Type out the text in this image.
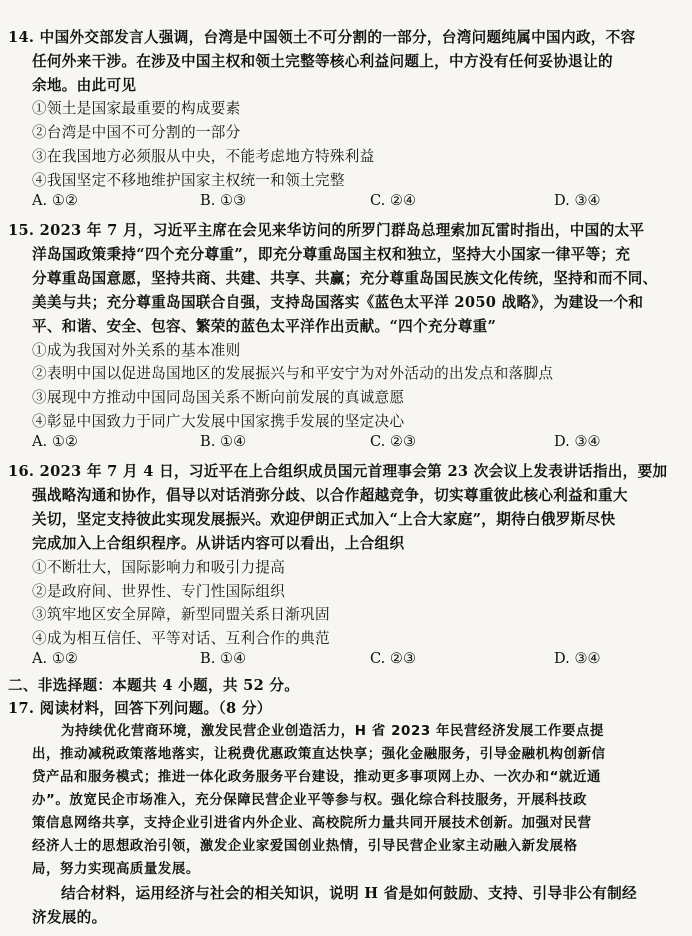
14. 中国外交部发言人强调，台湾是中国领土不可分割的一部分，台湾问题纯属中国内政，不容
任何外来干涉。在涉及中国主权和领土完整等核心利益问题上，中方没有任何妥协退让的
余地。由此可见
①领土是国家最重要的构成要素
②台湾是中国不可分割的一部分
③在我国地方必须服从中央，不能考虑地方特殊利益
④我国坚定不移地维护国家主权统一和领土完整
A. ①②	B. ①③	C. ②④	D. ③④
15. 2023 年 7 月，习近平主席在会见来华访问的所罗门群岛总理索加瓦雷时指出，中国的太平
洋岛国政策秉持“四个充分尊重”，即充分尊重岛国主权和独立，坚持大小国家一律平等；充
分尊重岛国意愿，坚持共商、共建、共享、共赢；充分尊重岛国民族文化传统，坚持和而不同、
美美与共；充分尊重岛国联合自强，支持岛国落实《蓝色太平洋 2050 战略》，为建设一个和
平、和谐、安全、包容、繁荣的蓝色太平洋作出贡献。“四个充分尊重”
①成为我国对外关系的基本准则
②表明中国以促进岛国地区的发展振兴与和平安宁为对外活动的出发点和落脚点
③展现中方推动中国同岛国关系不断向前发展的真诚意愿
④彰显中国致力于同广大发展中国家携手发展的坚定决心
A. ①②	B. ①④	C. ②③	D. ③④
16. 2023 年 7 月 4 日，习近平在上合组织成员国元首理事会第 23 次会议上发表讲话指出，要加
强战略沟通和协作，倡导以对话消弥分歧、以合作超越竞争，切实尊重彼此核心利益和重大
关切，坚定支持彼此实现发展振兴。欢迎伊朗正式加入“上合大家庭”，期待白俄罗斯尽快
完成加入上合组织程序。从讲话内容可以看出，上合组织
①不断壮大，国际影响力和吸引力提高
②是政府间、世界性、专门性国际组织
③筑牢地区安全屏障，新型同盟关系日渐巩固
④成为相互信任、平等对话、互利合作的典范
A. ①②	B. ①④	C. ②③	D. ③④
二、非选择题：本题共 4 小题，共 52 分。
17. 阅读材料，回答下列问题。（8 分）
为持续优化营商环境，激发民营企业创造活力，H 省 2023 年民营经济发展工作要点提
出，推动减税政策落地落实，让税费优惠政策直达快享；强化金融服务，引导金融机构创新信
贷产品和服务模式；推进一体化政务服务平台建设，推动更多事项网上办、一次办和“就近通
办”。放宽民企市场准入，充分保障民营企业平等参与权。强化综合科技服务，开展科技政
策信息网络共享，支持企业引进省内外企业、高校院所力量共同开展技术创新。加强对民营
经济人士的思想政治引领，激发企业家爱国创业热情，引导民营企业家主动融入新发展格
局，努力实现高质量发展。
结合材料，运用经济与社会的相关知识，说明 H 省是如何鼓励、支持、引导非公有制经
济发展的。
